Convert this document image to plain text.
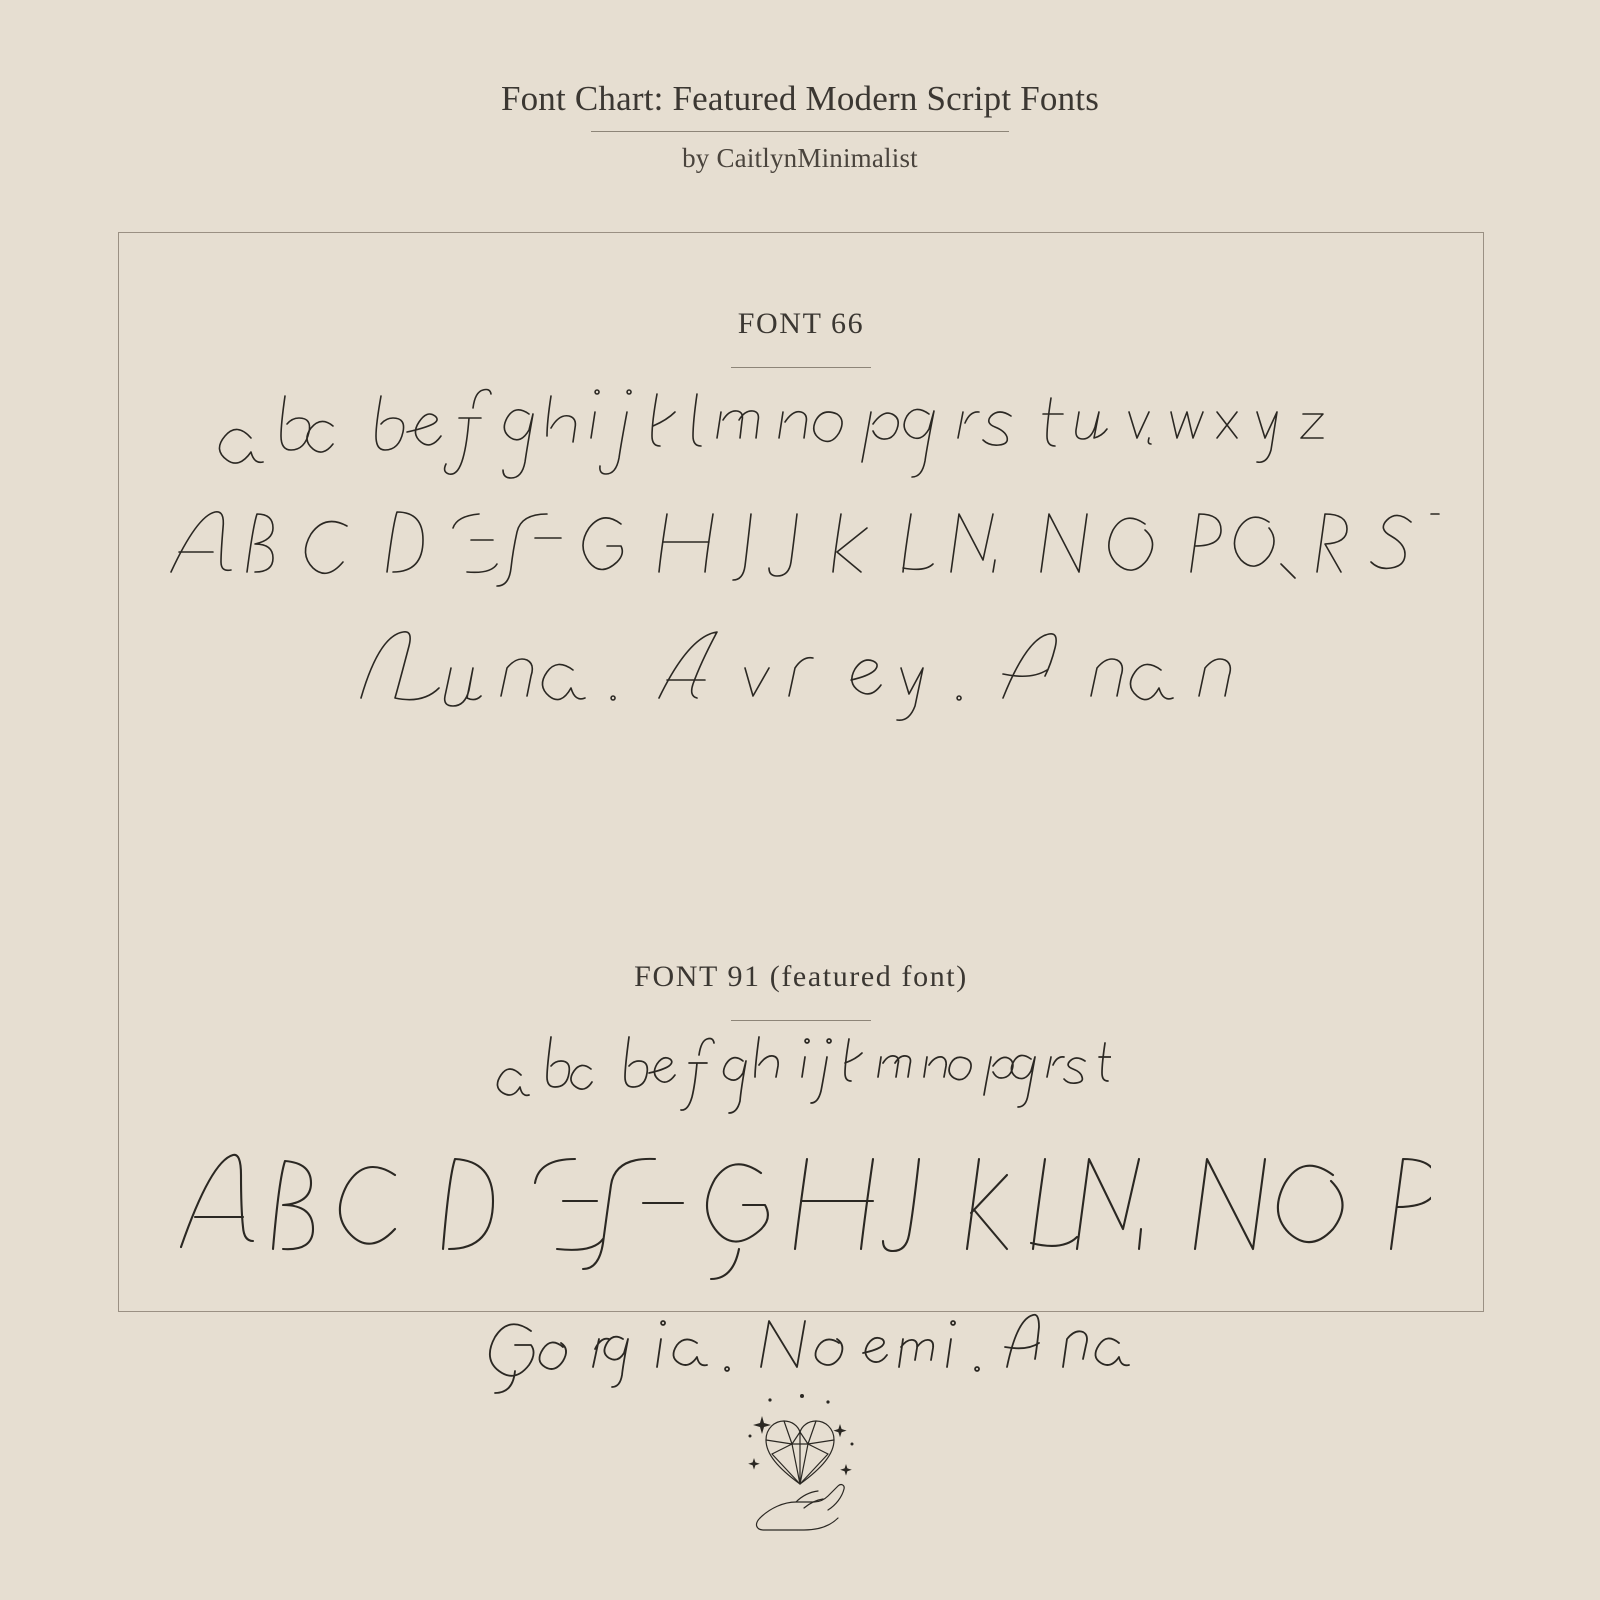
Font Chart: Featured Modern Script Fonts
by CaitlynMinimalist
FONT 66
FONT 91 (featured font)
